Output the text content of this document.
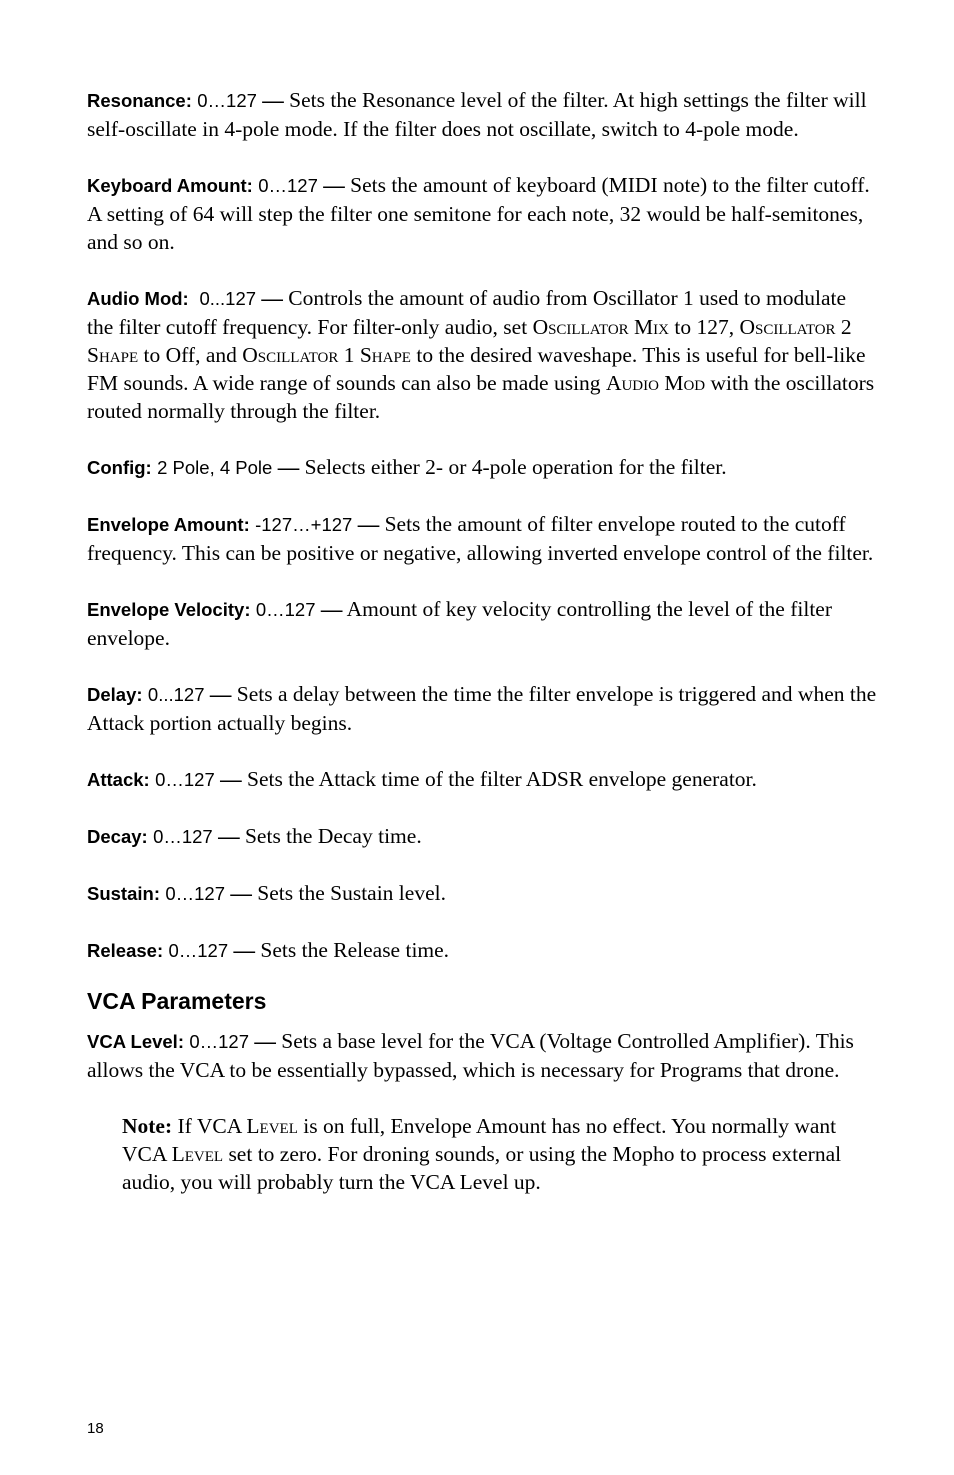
Resonance: 0…127 — Sets the Resonance level of the filter. At high settings the filter will self-oscillate in 4-pole mode. If the filter does not oscillate, switch to 4-pole mode.

Keyboard Amount: 0…127 — Sets the amount of keyboard (MIDI note) to the filter cutoff. A setting of 64 will step the filter one semitone for each note, 32 would be half-semitones, and so on.

Audio Mod: 0...127 — Controls the amount of audio from Oscillator 1 used to modulate the filter cutoff frequency. For filter-only audio, set Oscillator Mix to 127, Oscillator 2 Shape to Off, and Oscillator 1 Shape to the desired waveshape. This is useful for bell-like FM sounds. A wide range of sounds can also be made using Audio Mod with the oscillators routed normally through the filter.

Config: 2 Pole, 4 Pole — Selects either 2- or 4-pole operation for the filter.

Envelope Amount: -127…+127 — Sets the amount of filter envelope routed to the cutoff frequency. This can be positive or negative, allowing inverted envelope control of the filter.

Envelope Velocity: 0…127 — Amount of key velocity controlling the level of the filter envelope.

Delay: 0...127 — Sets a delay between the time the filter envelope is triggered and when the Attack portion actually begins.

Attack: 0…127 — Sets the Attack time of the filter ADSR envelope generator.

Decay: 0…127 — Sets the Decay time.

Sustain: 0…127 — Sets the Sustain level.

Release: 0…127 — Sets the Release time.

VCA Parameters

VCA Level: 0…127 — Sets a base level for the VCA (Voltage Controlled Amplifier). This allows the VCA to be essentially bypassed, which is necessary for Programs that drone.

Note: If VCA Level is on full, Envelope Amount has no effect. You normally want VCA Level set to zero. For droning sounds, or using the Mopho to process external audio, you will probably turn the VCA Level up.

18
